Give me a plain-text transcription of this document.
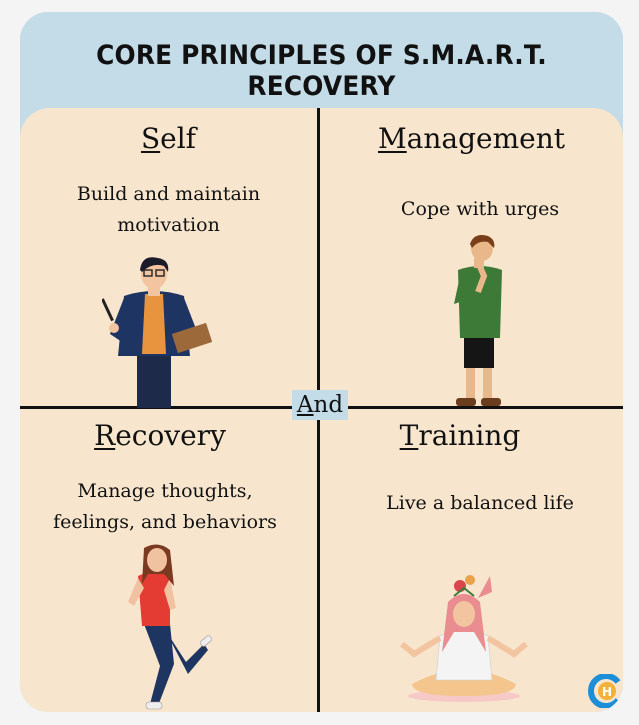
CORE PRINCIPLES OF S.M.A.R.T. RECOVERY
Self
Build and maintain
motivation
Management
Cope with urges
Recovery
Manage thoughts,
feelings, and behaviors
Training
Live a balanced life
And
H
